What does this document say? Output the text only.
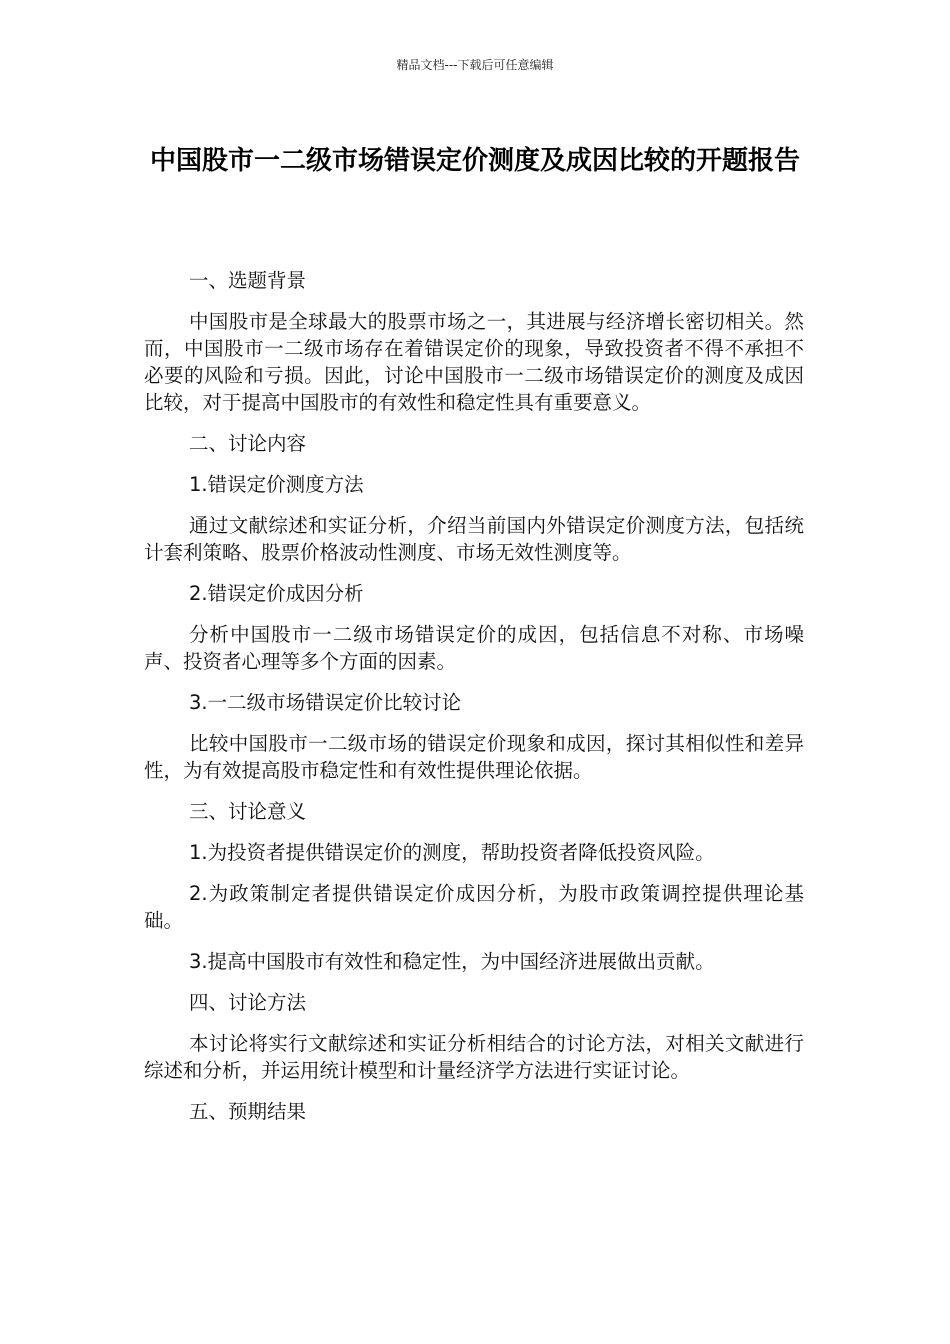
精品文档---下载后可任意编辑
中国股市一二级市场错误定价测度及成因比较的开题报告
一、选题背景

中国股市是全球最大的股票市场之一，其进展与经济增长密切相关。然而，中国股市一二级市场存在着错误定价的现象，导致投资者不得不承担不必要的风险和亏损。因此，讨论中国股市一二级市场错误定价的测度及成因比较，对于提高中国股市的有效性和稳定性具有重要意义。

二、讨论内容
1.错误定价测度方法

通过文献综述和实证分析，介绍当前国内外错误定价测度方法，包括统计套利策略、股票价格波动性测度、市场无效性测度等。

2.错误定价成因分析

分析中国股市一二级市场错误定价的成因，包括信息不对称、市场噪声、投资者心理等多个方面的因素。

3.一二级市场错误定价比较讨论

比较中国股市一二级市场的错误定价现象和成因，探讨其相似性和差异性，为有效提高股市稳定性和有效性提供理论依据。

三、讨论意义

1.为投资者提供错误定价的测度，帮助投资者降低投资风险。

2.为政策制定者提供错误定价成因分析，为股市政策调控提供理论基础。

3.提高中国股市有效性和稳定性，为中国经济进展做出贡献。

四、讨论方法

本讨论将实行文献综述和实证分析相结合的讨论方法，对相关文献进行综述和分析，并运用统计模型和计量经济学方法进行实证讨论。

五、预期结果
